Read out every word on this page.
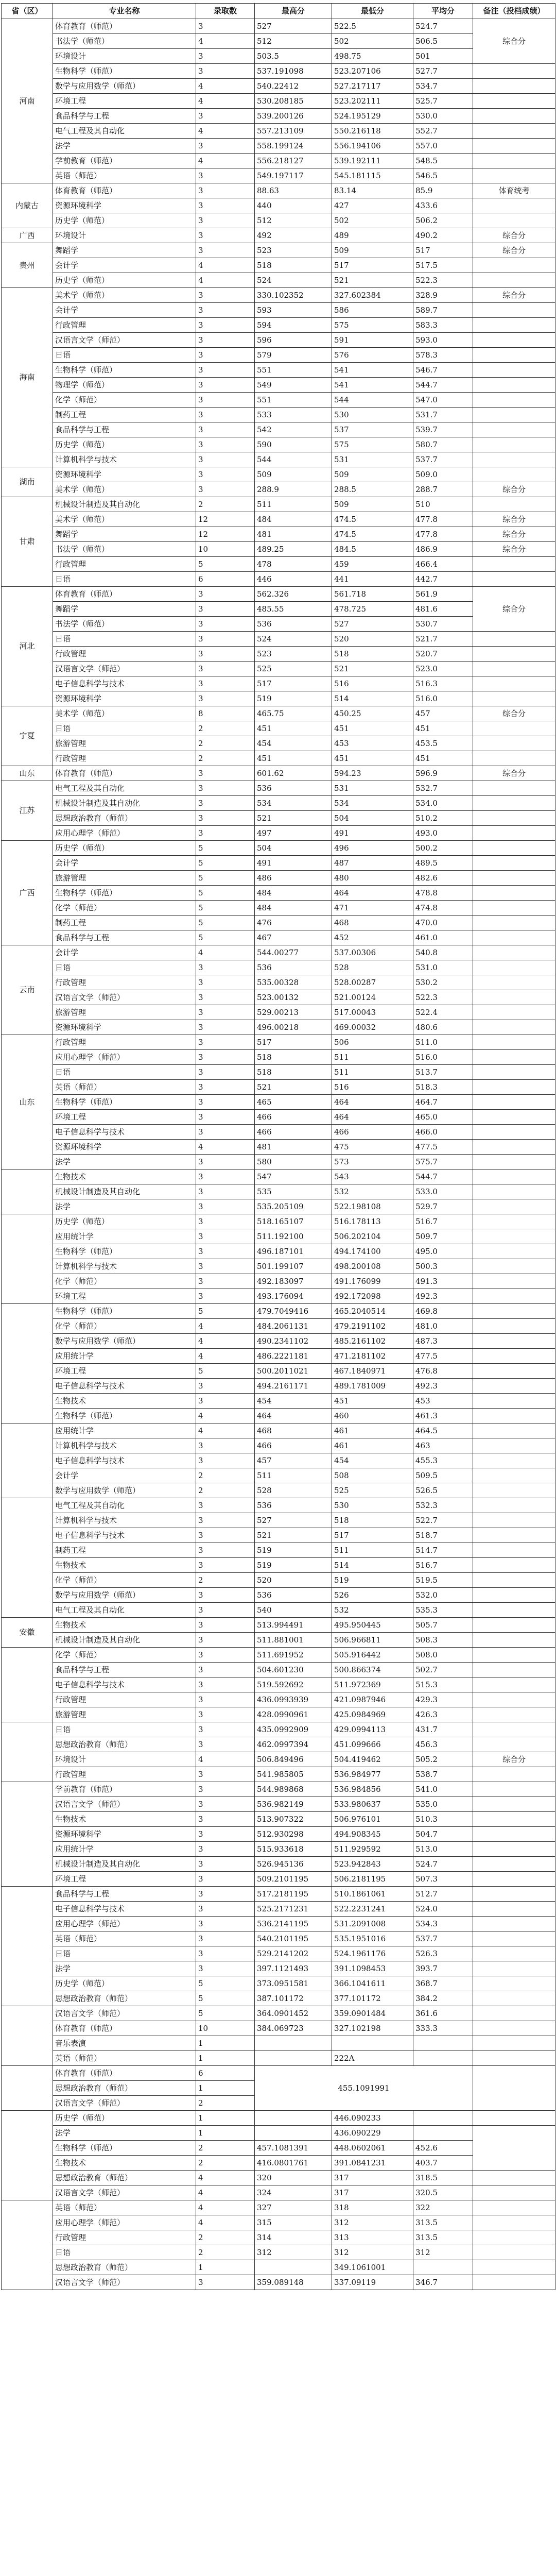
省（区）	专业名称	录取数	最高分	最低分	平均分	备注（投档成绩）
河南	体育教育（师范）	3	527	522.5	524.7	综合分
	书法学（师范）	4	512	502	506.5	
	环境设计	3	503.5	498.75	501	
	生物科学（师范）	3	537.191098	523.207106	527.7	
	数学与应用数学（师范）	4	540.22412	527.217117	534.7	
	环境工程	4	530.208185	523.202111	525.7	
	食品科学与工程	3	539.200126	524.195129	530.0	
	电气工程及其自动化	4	557.213109	550.216118	552.7	
	法学	3	558.199124	556.194106	557.0	
	学前教育（师范）	4	556.218127	539.192111	548.5	
	英语（师范）	3	549.197117	545.181115	546.5	
内蒙古	体育教育（师范）	3	88.63	83.14	85.9	体育统考
	资源环境科学	3	440	427	433.6	
	历史学（师范）	3	512	502	506.2	
广西	环境设计	3	492	489	490.2	综合分
贵州	舞蹈学	3	523	509	517	综合分
	会计学	4	518	517	517.5	
	历史学（师范）	4	524	521	522.3	
海南	美术学（师范）	3	330.102352	327.602384	328.9	综合分
	会计学	3	593	586	589.7	
	行政管理	3	594	575	583.3	
	汉语言文学（师范）	3	596	591	593.0	
	日语	3	579	576	578.3	
	生物科学（师范）	3	551	541	546.7	
	物理学（师范）	3	549	541	544.7	
	化学（师范）	3	551	544	547.0	
	制药工程	3	533	530	531.7	
	食品科学与工程	3	542	537	539.7	
	历史学（师范）	3	590	575	580.7	
	计算机科学与技术	3	544	531	537.7	
湖南	资源环境科学	3	509	509	509.0	
	美术学（师范）	3	288.9	288.5	288.7	综合分
甘肃	机械设计制造及其自动化	2	511	509	510	
	美术学（师范）	12	484	474.5	477.8	综合分
	舞蹈学	12	481	474.5	477.8	综合分
	书法学（师范）	10	489.25	484.5	486.9	综合分
	行政管理	5	478	459	466.4	
	日语	6	446	441	442.7	
河北	体育教育（师范）	3	562.326	561.718	561.9	综合分
	舞蹈学	3	485.55	478.725	481.6	
	书法学（师范）	3	536	527	530.7	
	日语	3	524	520	521.7	
	行政管理	3	523	518	520.7	
	汉语言文学（师范）	3	525	521	523.0	
	电子信息科学与技术	3	517	516	516.3	
	资源环境科学	3	519	514	516.0	
宁夏	美术学（师范）	8	465.75	450.25	457	综合分
	日语	2	451	451	451	
	旅游管理	2	454	453	453.5	
	行政管理	2	451	451	451	
山东	体育教育（师范）	3	601.62	594.23	596.9	综合分
江苏	电气工程及其自动化	3	536	531	532.7	
	机械设计制造及其自动化	3	534	534	534.0	
	思想政治教育（师范）	3	521	504	510.2	
	应用心理学（师范）	3	497	491	493.0	
广西	历史学（师范）	5	504	496	500.2	
	会计学	5	491	487	489.5	
	旅游管理	5	486	480	482.6	
	生物科学（师范）	5	484	464	478.8	
	化学（师范）	5	484	471	474.8	
	制药工程	5	476	468	470.0	
	食品科学与工程	5	467	452	461.0	
云南	会计学	4	544.00277	537.00306	540.8	
	日语	3	536	528	531.0	
	行政管理	3	535.00328	528.00287	530.2	
	汉语言文学（师范）	3	523.00132	521.00124	522.3	
	旅游管理	3	529.00213	517.00043	522.4	
	资源环境科学	3	496.00218	469.00032	480.6	
山东	行政管理	3	517	506	511.0	
	应用心理学（师范）	3	518	511	516.0	
	日语	3	518	511	513.7	
	英语（师范）	3	521	516	518.3	
	生物科学（师范）	3	465	464	464.7	
	环境工程	3	466	464	465.0	
	电子信息科学与技术	3	466	466	466.0	
	资源环境科学	4	481	475	477.5	
	法学	3	580	573	575.7	
	生物技术	3	547	543	544.7	
	机械设计制造及其自动化	3	535	532	533.0	
	法学	3	535.205109	522.198108	529.7	
	历史学（师范）	3	518.165107	516.178113	516.7	
	应用统计学	3	511.192100	506.202104	509.7	
	生物科学（师范）	3	496.187101	494.174100	495.0	
	计算机科学与技术	3	501.199107	498.200108	500.3	
	化学（师范）	3	492.183097	491.176099	491.3	
	环境工程	3	493.176094	492.172098	492.3	
	生物科学（师范）	5	479.7049416	465.2040514	469.8	
	化学（师范）	4	484.2061131	479.2191102	481.0	
	数学与应用数学（师范）	4	490.2341102	485.2161102	487.3	
	应用统计学	4	486.2221181	471.2181102	477.5	
	环境工程	5	500.2011021	467.1840971	476.8	
	电子信息科学与技术	3	494.2161171	489.1781009	492.3	
	生物技术	3	454	451	453	
	生物科学（师范）	4	464	460	461.3	
	应用统计学	4	468	461	464.5	
	计算机科学与技术	3	466	461	463	
	电子信息科学与技术	3	457	454	455.3	
	会计学	2	511	508	509.5	
	数学与应用数学（师范）	2	528	525	526.5	
	电气工程及其自动化	3	536	530	532.3	
	计算机科学与技术	3	527	518	522.7	
	电子信息科学与技术	3	521	517	518.7	
	制药工程	3	519	511	514.7	
	生物技术	3	519	514	516.7	
	化学（师范）	2	520	519	519.5	
	数学与应用数学（师范）	3	536	526	532.0	
	电气工程及其自动化	3	540	532	535.3	
安徽	生物技术	3	513.994491	495.950445	505.7	
	机械设计制造及其自动化	3	511.881001	506.966811	508.3	
	化学（师范）	3	511.691952	505.916442	508.0	
	食品科学与工程	3	504.601230	500.866374	502.7	
	电子信息科学与技术	3	519.592692	511.972369	515.3	
	行政管理	3	436.0993939	421.0987946	429.3	
	旅游管理	3	428.0990961	425.0984969	426.3	
	日语	3	435.0992909	429.0994113	431.7	
	思想政治教育（师范）	3	462.0997394	451.099666	456.3	
	环境设计	4	506.849496	504.419462	505.2	综合分
	行政管理	3	541.985805	536.984977	538.7	
	学前教育（师范）	3	544.989868	536.984856	541.0	
	汉语言文学（师范）	3	536.982149	533.980637	535.0	
	生物技术	3	513.907322	506.976101	510.3	
	资源环境科学	3	512.930298	494.908345	504.7	
	应用统计学	3	515.933618	511.929592	513.0	
	机械设计制造及其自动化	3	526.945136	523.942843	524.7	
	环境工程	3	509.2101195	506.2181195	507.3	
	食品科学与工程	3	517.2181195	510.1861061	512.7	
	电子信息科学与技术	3	525.2171231	522.2231241	524.0	
	应用心理学（师范）	3	536.2141195	531.2091008	534.3	
	英语（师范）	3	540.2101195	535.1951016	537.7	
	日语	3	529.2141202	524.1961176	526.3	
	法学	3	397.1121493	391.1098453	393.7	
	历史学（师范）	5	373.0951581	366.1041611	368.7	
	思想政治教育（师范）	5	387.101172	377.101172	384.2	
	汉语言文学（师范）	5	364.0901452	359.0901484	361.6	
	体育教育（师范）	10	384.069723	327.102198	333.3	
	音乐表演	1				
	英语（师范）	1		222A		
	体育教育（师范）	6	455.1091991			
	思想政治教育（师范）	1				
	汉语言文学（师范）	2				
	历史学（师范）	1		446.090233		
	法学	1		436.090229		
	生物科学（师范）	2	457.1081391	448.0602061	452.6	
	生物技术	2	416.0801761	391.0841231	403.7	
	思想政治教育（师范）	4	320	317	318.5	
	汉语言文学（师范）	4	324	317	320.5	
	英语（师范）	4	327	318	322	
	应用心理学（师范）	4	315	312	313.5	
	行政管理	2	314	313	313.5	
	日语	2	312	312	312	
	思想政治教育（师范）	1		349.1061001		
	汉语言文学（师范）	3	359.089148	337.09119	346.7	
